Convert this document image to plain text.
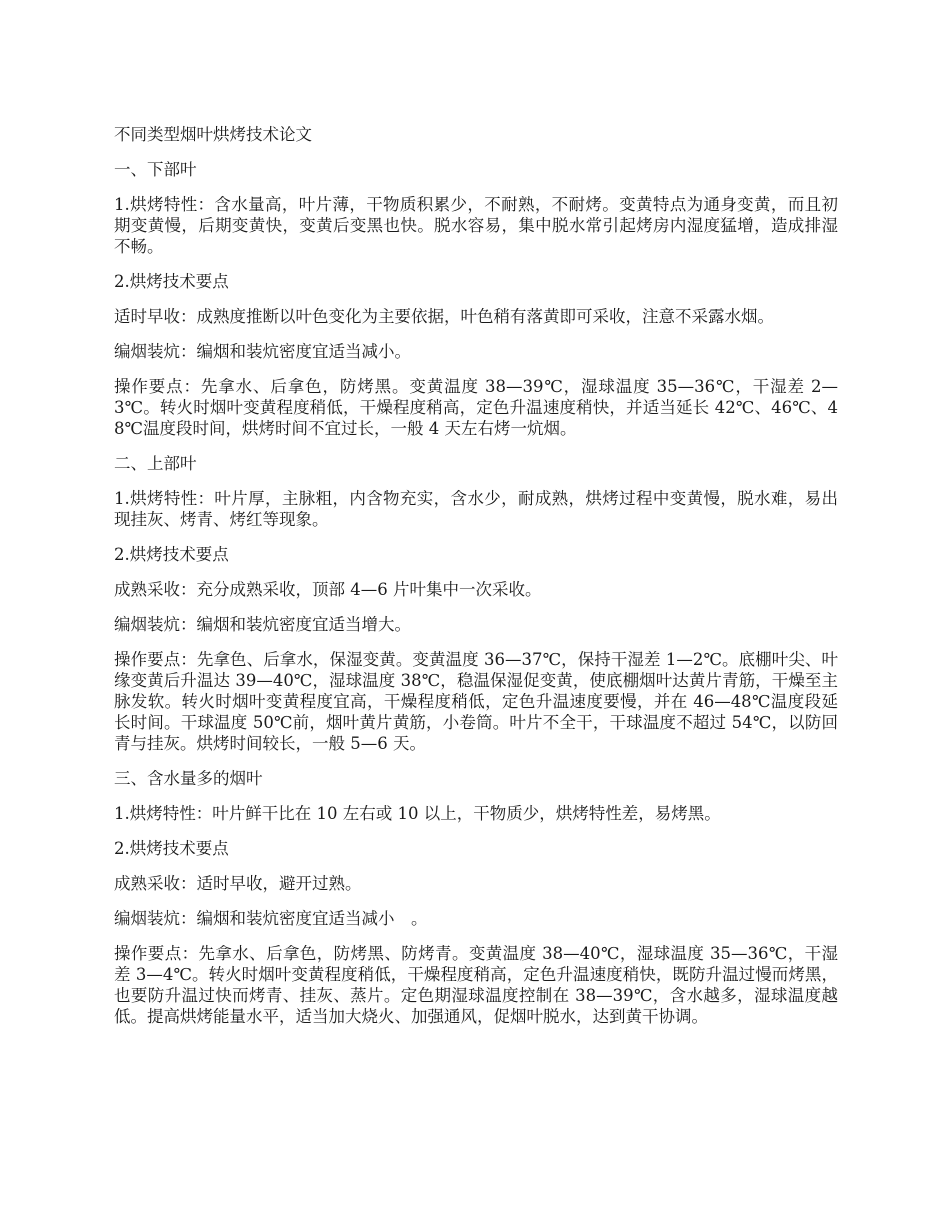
不同类型烟叶烘烤技术论文

一、下部叶

1.烘烤特性：含水量高，叶片薄，干物质积累少，不耐熟，不耐烤。变黄特点为通身变黄，而且初期变黄慢，后期变黄快，变黄后变黑也快。脱水容易，集中脱水常引起烤房内湿度猛增，造成排湿不畅。

2.烘烤技术要点

适时早收：成熟度推断以叶色变化为主要依据，叶色稍有落黄即可采收，注意不采露水烟。

编烟装炕：编烟和装炕密度宜适当减小。

操作要点：先拿水、后拿色，防烤黑。变黄温度 38—39℃，湿球温度 35—36℃，干湿差 2—3℃。转火时烟叶变黄程度稍低，干燥程度稍高，定色升温速度稍快，并适当延长 42℃、46℃、48℃温度段时间，烘烤时间不宜过长，一般 4 天左右烤一炕烟。

二、上部叶

1.烘烤特性：叶片厚，主脉粗，内含物充实，含水少，耐成熟，烘烤过程中变黄慢，脱水难，易出现挂灰、烤青、烤红等现象。

2.烘烤技术要点

成熟采收：充分成熟采收，顶部 4—6 片叶集中一次采收。

编烟装炕：编烟和装炕密度宜适当增大。

操作要点：先拿色、后拿水，保湿变黄。变黄温度 36—37℃，保持干湿差 1—2℃。底棚叶尖、叶缘变黄后升温达 39—40℃，湿球温度 38℃，稳温保湿促变黄，使底棚烟叶达黄片青筋，干燥至主脉发软。转火时烟叶变黄程度宜高，干燥程度稍低，定色升温速度要慢，并在 46—48℃温度段延长时间。干球温度 50℃前，烟叶黄片黄筋，小卷筒。叶片不全干，干球温度不超过 54℃，以防回青与挂灰。烘烤时间较长，一般 5—6 天。

三、含水量多的烟叶

1.烘烤特性：叶片鲜干比在 10 左右或 10 以上，干物质少，烘烤特性差，易烤黑。

2.烘烤技术要点

成熟采收：适时早收，避开过熟。

编烟装炕：编烟和装炕密度宜适当减小　。

操作要点：先拿水、后拿色，防烤黑、防烤青。变黄温度 38—40℃，湿球温度 35—36℃，干湿差 3—4℃。转火时烟叶变黄程度稍低，干燥程度稍高，定色升温速度稍快，既防升温过慢而烤黑，也要防升温过快而烤青、挂灰、蒸片。定色期湿球温度控制在 38—39℃，含水越多，湿球温度越低。提高烘烤能量水平，适当加大烧火、加强通风，促烟叶脱水，达到黄干协调。
